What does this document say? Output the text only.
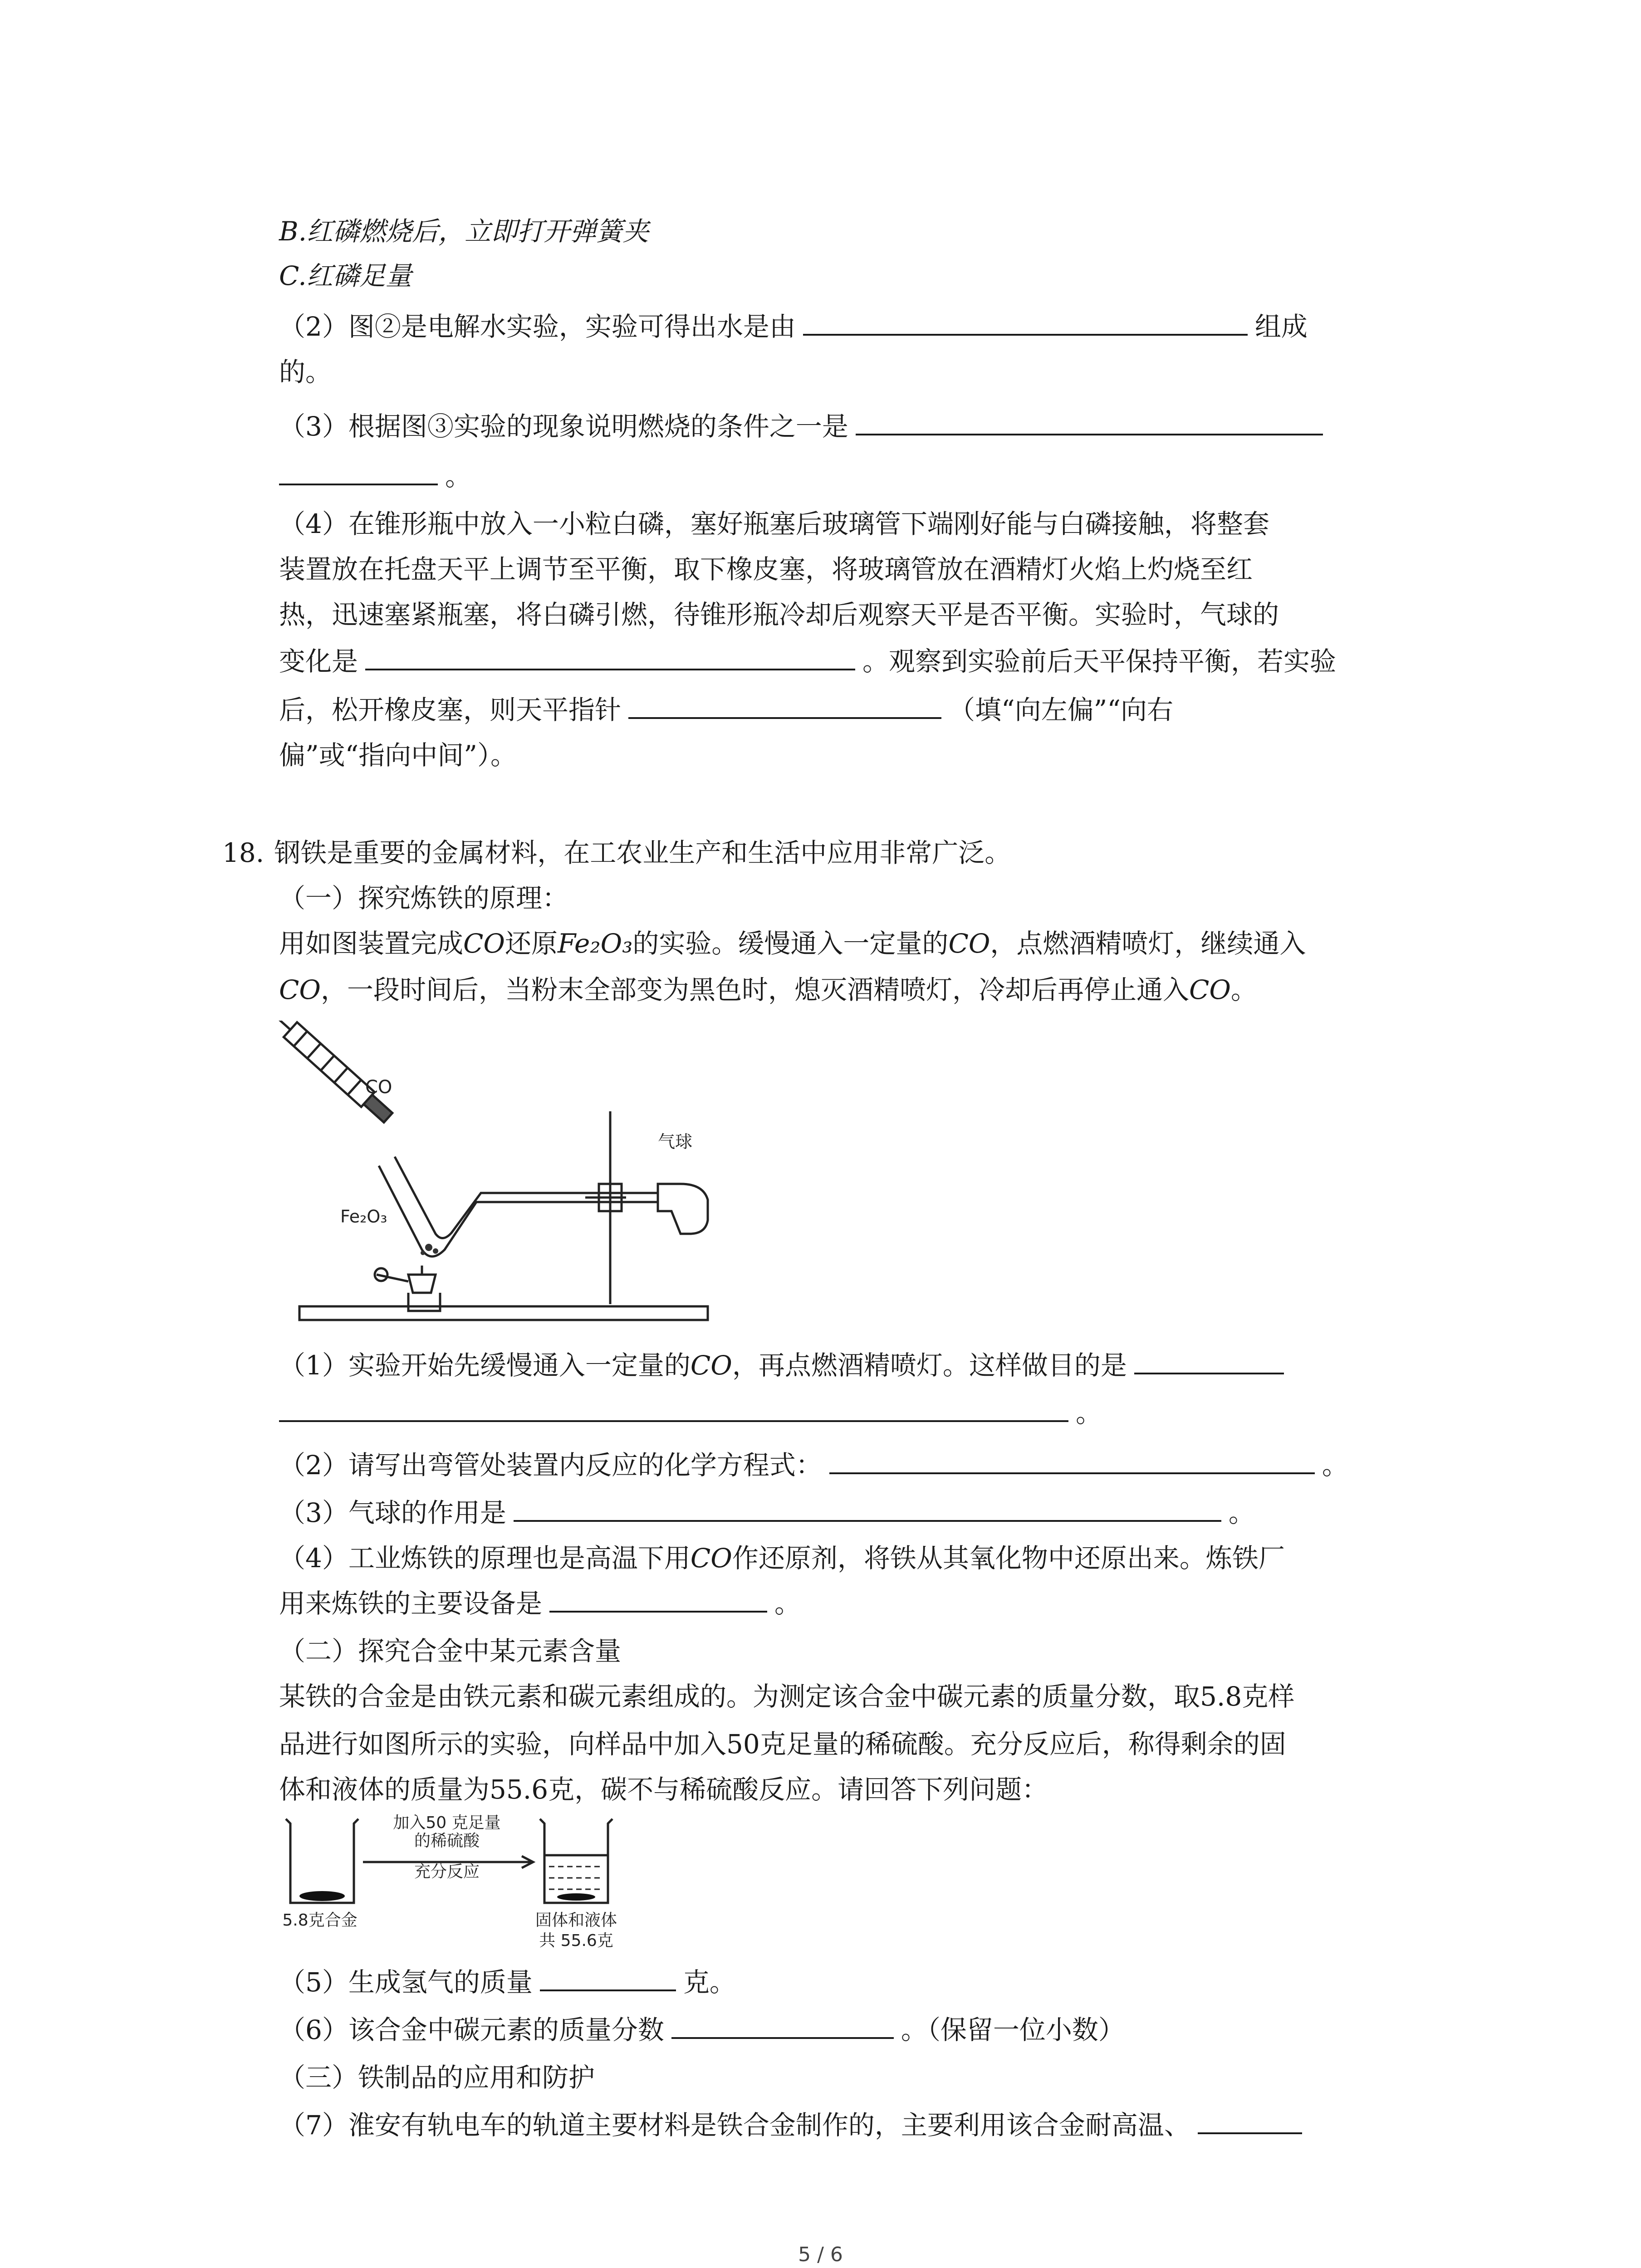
B.红磷燃烧后，立即打开弹簧夹
C.红磷足量
（2）图②是电解水实验，实验可得出水是由	组成
的。
（3）根据图③实验的现象说明燃烧的条件之一是
。
（4）在锥形瓶中放入一小粒白磷，塞好瓶塞后玻璃管下端刚好能与白磷接触，将整套
装置放在托盘天平上调节至平衡，取下橡皮塞，将玻璃管放在酒精灯火焰上灼烧至红
热，迅速塞紧瓶塞，将白磷引燃，待锥形瓶冷却后观察天平是否平衡。实验时，气球的
变化是	。观察到实验前后天平保持平衡，若实验
后，松开橡皮塞，则天平指针	（填“向左偏”“向右
偏”或“指向中间”）。
18. 钢铁是重要的金属材料，在工农业生产和生活中应用非常广泛。
（一）探究炼铁的原理：
用如图装置完成CO还原Fe₂O₃的实验。缓慢通入一定量的CO，点燃酒精喷灯，继续通入
CO，一段时间后，当粉末全部变为黑色时，熄灭酒精喷灯，冷却后再停止通入CO。
CO
气球
Fe₂O₃
（1）实验开始先缓慢通入一定量的CO，再点燃酒精喷灯。这样做目的是
。
（2）请写出弯管处装置内反应的化学方程式：	。
（3）气球的作用是	。
（4）工业炼铁的原理也是高温下用CO作还原剂，将铁从其氧化物中还原出来。炼铁厂
用来炼铁的主要设备是	。
（二）探究合金中某元素含量
某铁的合金是由铁元素和碳元素组成的。为测定该合金中碳元素的质量分数，取5.8克样
品进行如图所示的实验，向样品中加入50克足量的稀硫酸。充分反应后，称得剩余的固
体和液体的质量为55.6克，碳不与稀硫酸反应。请回答下列问题：
加入50 克足量
的稀硫酸
充分反应
5.8克合金	固体和液体
共 55.6克
（5）生成氢气的质量	克。
（6）该合金中碳元素的质量分数	。（保留一位小数）
（三）铁制品的应用和防护
（7）淮安有轨电车的轨道主要材料是铁合金制作的，主要利用该合金耐高温、
5 / 6
